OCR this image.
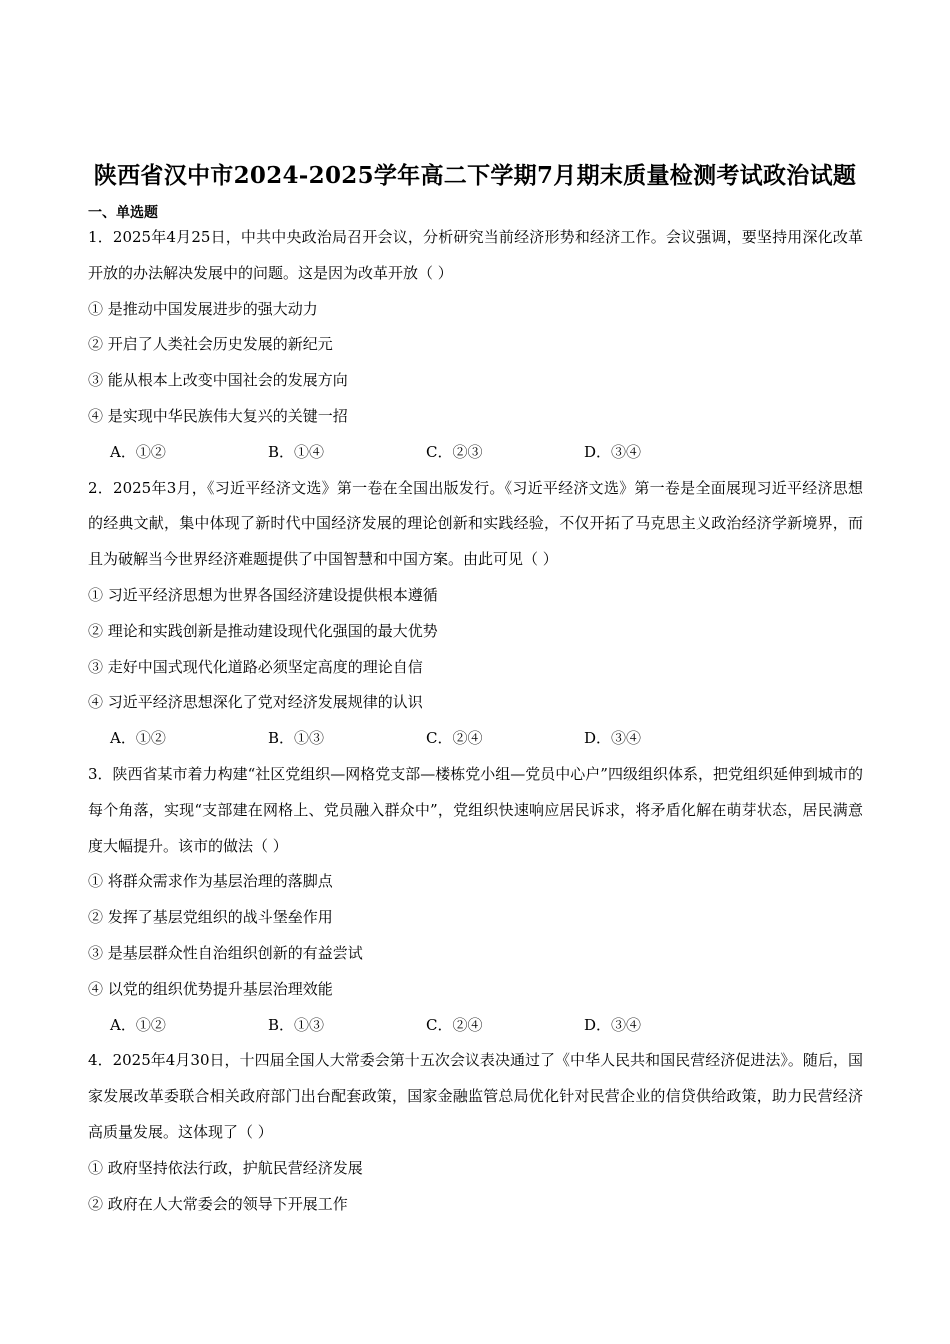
陕西省汉中市2024-2025学年高二下学期7月期末质量检测考试政治试题
一、单选题

1．2025年4月25日，中共中央政治局召开会议，分析研究当前经济形势和经济工作。会议强调，要坚持用深化改革开放的办法解决发展中的问题。这是因为改革开放（ ）

① 是推动中国发展进步的强大动力

② 开启了人类社会历史发展的新纪元

③ 能从根本上改变中国社会的发展方向

④ 是实现中华民族伟大复兴的关键一招

A．①②	B．①④	C．②③	D．③④

2．2025年3月，《习近平经济文选》第一卷在全国出版发行。《习近平经济文选》第一卷是全面展现习近平经济思想的经典文献，集中体现了新时代中国经济发展的理论创新和实践经验，不仅开拓了马克思主义政治经济学新境界，而且为破解当今世界经济难题提供了中国智慧和中国方案。由此可见（ ）

① 习近平经济思想为世界各国经济建设提供根本遵循

② 理论和实践创新是推动建设现代化强国的最大优势

③ 走好中国式现代化道路必须坚定高度的理论自信

④ 习近平经济思想深化了党对经济发展规律的认识

A．①②	B．①③	C．②④	D．③④

3．陕西省某市着力构建“社区党组织—网格党支部—楼栋党小组—党员中心户”四级组织体系，把党组织延伸到城市的每个角落，实现“支部建在网格上、党员融入群众中”，党组织快速响应居民诉求，将矛盾化解在萌芽状态，居民满意度大幅提升。该市的做法（ ）

① 将群众需求作为基层治理的落脚点

② 发挥了基层党组织的战斗堡垒作用

③ 是基层群众性自治组织创新的有益尝试

④ 以党的组织优势提升基层治理效能

A．①②	B．①③	C．②④	D．③④

4．2025年4月30日，十四届全国人大常委会第十五次会议表决通过了《中华人民共和国民营经济促进法》。随后，国家发展改革委联合相关政府部门出台配套政策，国家金融监管总局优化针对民营企业的信贷供给政策，助力民营经济高质量发展。这体现了（ ）

① 政府坚持依法行政，护航民营经济发展

② 政府在人大常委会的领导下开展工作
